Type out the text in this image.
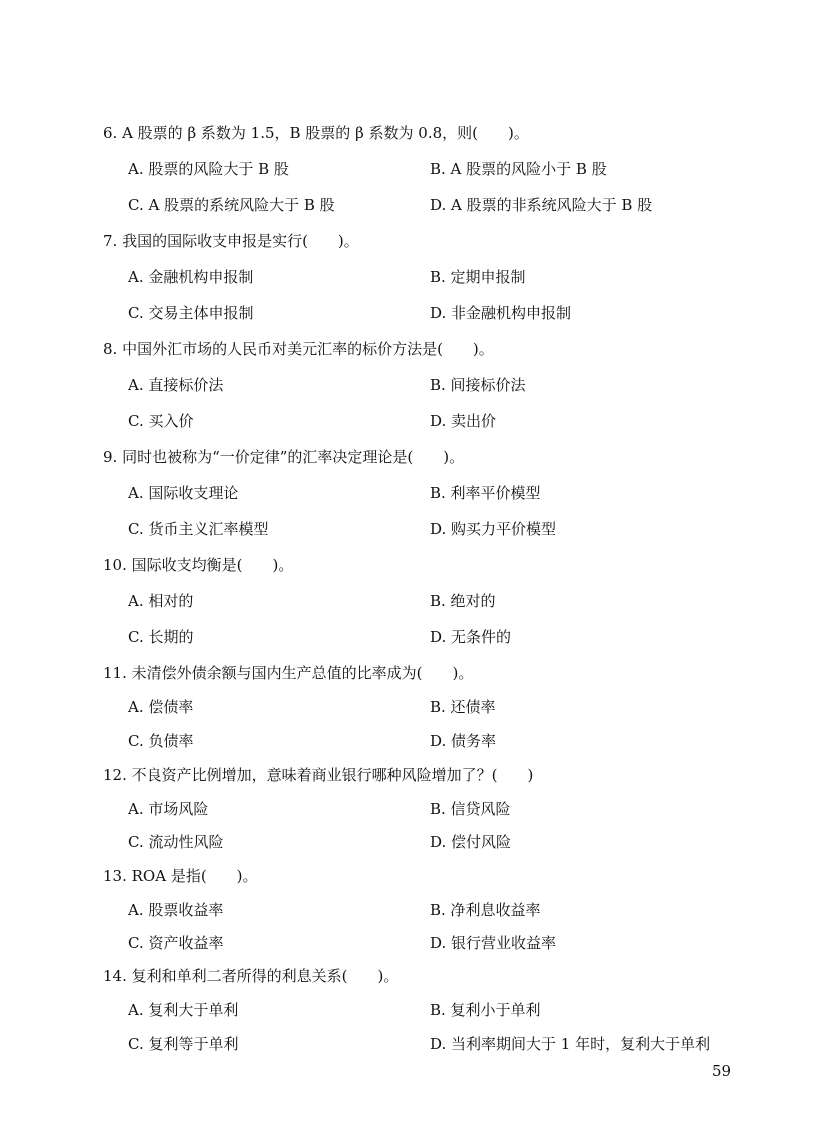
6. A 股票的 β 系数为 1.5，B 股票的 β 系数为 0.8，则(　　)。
A. 股票的风险大于 B 股	B. A 股票的风险小于 B 股
C. A 股票的系统风险大于 B 股	D. A 股票的非系统风险大于 B 股
7. 我国的国际收支申报是实行(　　)。
A. 金融机构申报制	B. 定期申报制
C. 交易主体申报制	D. 非金融机构申报制
8. 中国外汇市场的人民币对美元汇率的标价方法是(　　)。
A. 直接标价法	B. 间接标价法
C. 买入价	D. 卖出价
9. 同时也被称为“一价定律”的汇率决定理论是(　　)。
A. 国际收支理论	B. 利率平价模型
C. 货币主义汇率模型	D. 购买力平价模型
10. 国际收支均衡是(　　)。
A. 相对的	B. 绝对的
C. 长期的	D. 无条件的
11. 未清偿外债余额与国内生产总值的比率成为(　　)。
A. 偿债率	B. 还债率
C. 负债率	D. 债务率
12. 不良资产比例增加，意味着商业银行哪种风险增加了？(　　)
A. 市场风险	B. 信贷风险
C. 流动性风险	D. 偿付风险
13. ROA 是指(　　)。
A. 股票收益率	B. 净利息收益率
C. 资产收益率	D. 银行营业收益率
14. 复利和单利二者所得的利息关系(　　)。
A. 复利大于单利	B. 复利小于单利
C. 复利等于单利	D. 当利率期间大于 1 年时，复利大于单利
59
